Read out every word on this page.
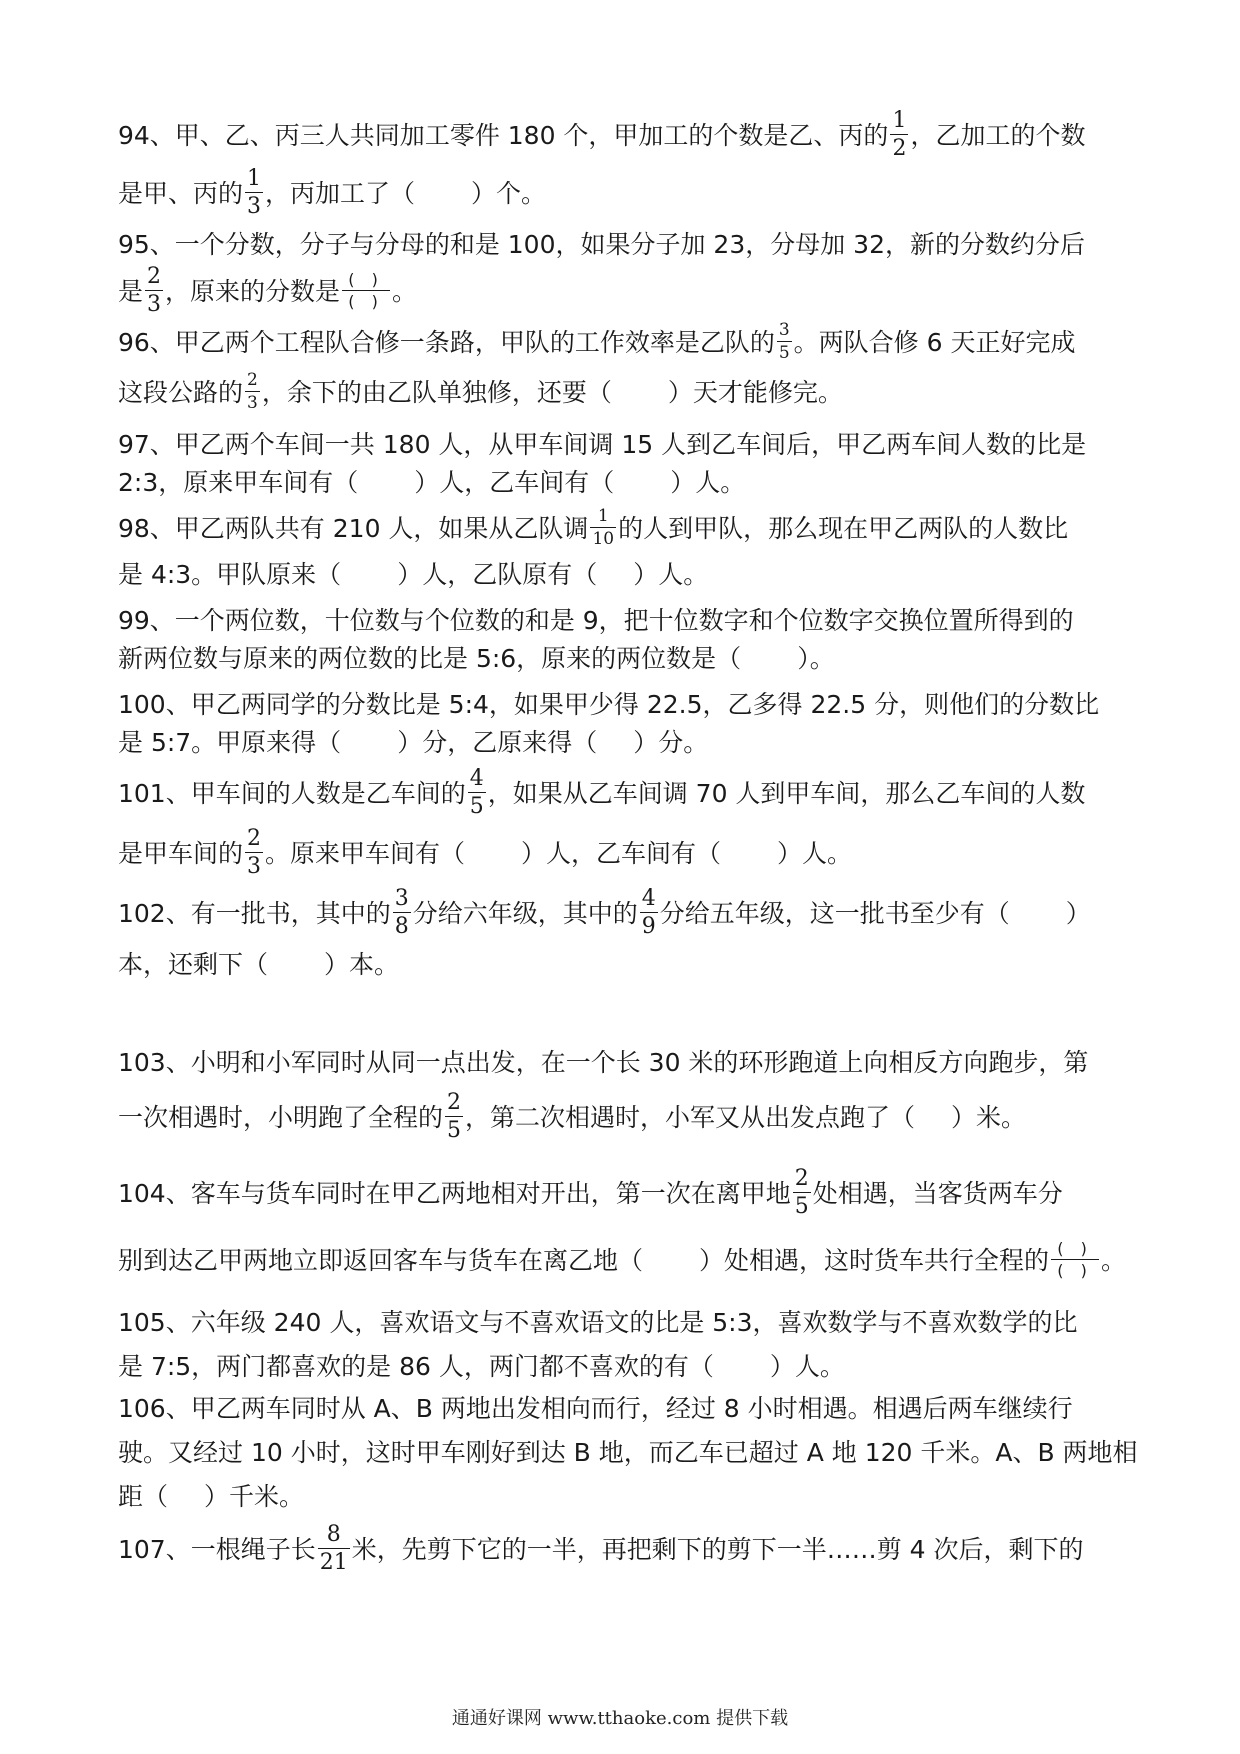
94、甲、乙、丙三人共同加工零件 180 个，甲加工的个数是乙、丙的 $\frac{1}{2}$ ，乙加工的个数
是甲、丙的 $\frac{1}{3}$ ，丙加工了（ ）个。
95、一个分数，分子与分母的和是 100，如果分子加 23，分母加 32，新的分数约分后
是 $\frac{2}{3}$ ，原来的分数是 $\frac{( )}{( )}$ 。
96、甲乙两个工程队合修一条路，甲队的工作效率是乙队的 $\frac{3}{5}$ 。两队合修 6 天正好完成
这段公路的 $\frac{2}{3}$ ，余下的由乙队单独修，还要（ ）天才能修完。
97、甲乙两个车间一共 180 人，从甲车间调 15 人到乙车间后，甲乙两车间人数的比是
2:3，原来甲车间有（ ）人，乙车间有（ ）人。
98、甲乙两队共有 210 人，如果从乙队调 $\frac{1}{10}$ 的人到甲队，那么现在甲乙两队的人数比
是 4:3。甲队原来（ ）人，乙队原有（ ）人。
99、一个两位数，十位数与个位数的和是 9，把十位数字和个位数字交换位置所得到的
新两位数与原来的两位数的比是 5:6，原来的两位数是（ ）。
100、甲乙两同学的分数比是 5:4，如果甲少得 22.5，乙多得 22.5 分，则他们的分数比
是 5:7。甲原来得（ ）分，乙原来得（ ）分。
101、甲车间的人数是乙车间的 $\frac{4}{5}$ ，如果从乙车间调 70 人到甲车间，那么乙车间的人数
是甲车间的 $\frac{2}{3}$ 。原来甲车间有（ ）人，乙车间有（ ）人。
102、有一批书，其中的 $\frac{3}{8}$ 分给六年级，其中的 $\frac{4}{9}$ 分给五年级，这一批书至少有（ ）
本，还剩下（ ）本。
103、小明和小军同时从同一点出发，在一个长 30 米的环形跑道上向相反方向跑步，第
一次相遇时，小明跑了全程的 $\frac{2}{5}$ ，第二次相遇时，小军又从出发点跑了（ ）米。
104、客车与货车同时在甲乙两地相对开出，第一次在离甲地 $\frac{2}{5}$ 处相遇，当客货两车分
别到达乙甲两地立即返回客车与货车在离乙地（ ）处相遇，这时货车共行全程的 $\frac{( )}{( )}$ 。
105、六年级 240 人，喜欢语文与不喜欢语文的比是 5:3，喜欢数学与不喜欢数学的比
是 7:5，两门都喜欢的是 86 人，两门都不喜欢的有（ ）人。
106、甲乙两车同时从 A、B 两地出发相向而行，经过 8 小时相遇。相遇后两车继续行
驶。又经过 10 小时，这时甲车刚好到达 B 地，而乙车已超过 A 地 120 千米。A、B 两地相
距（ ）千米。
107、一根绳子长 $\frac{8}{21}$ 米，先剪下它的一半，再把剩下的剪下一半……剪 4 次后，剩下的
通通好课网 www.tthaoke.com 提供下载
